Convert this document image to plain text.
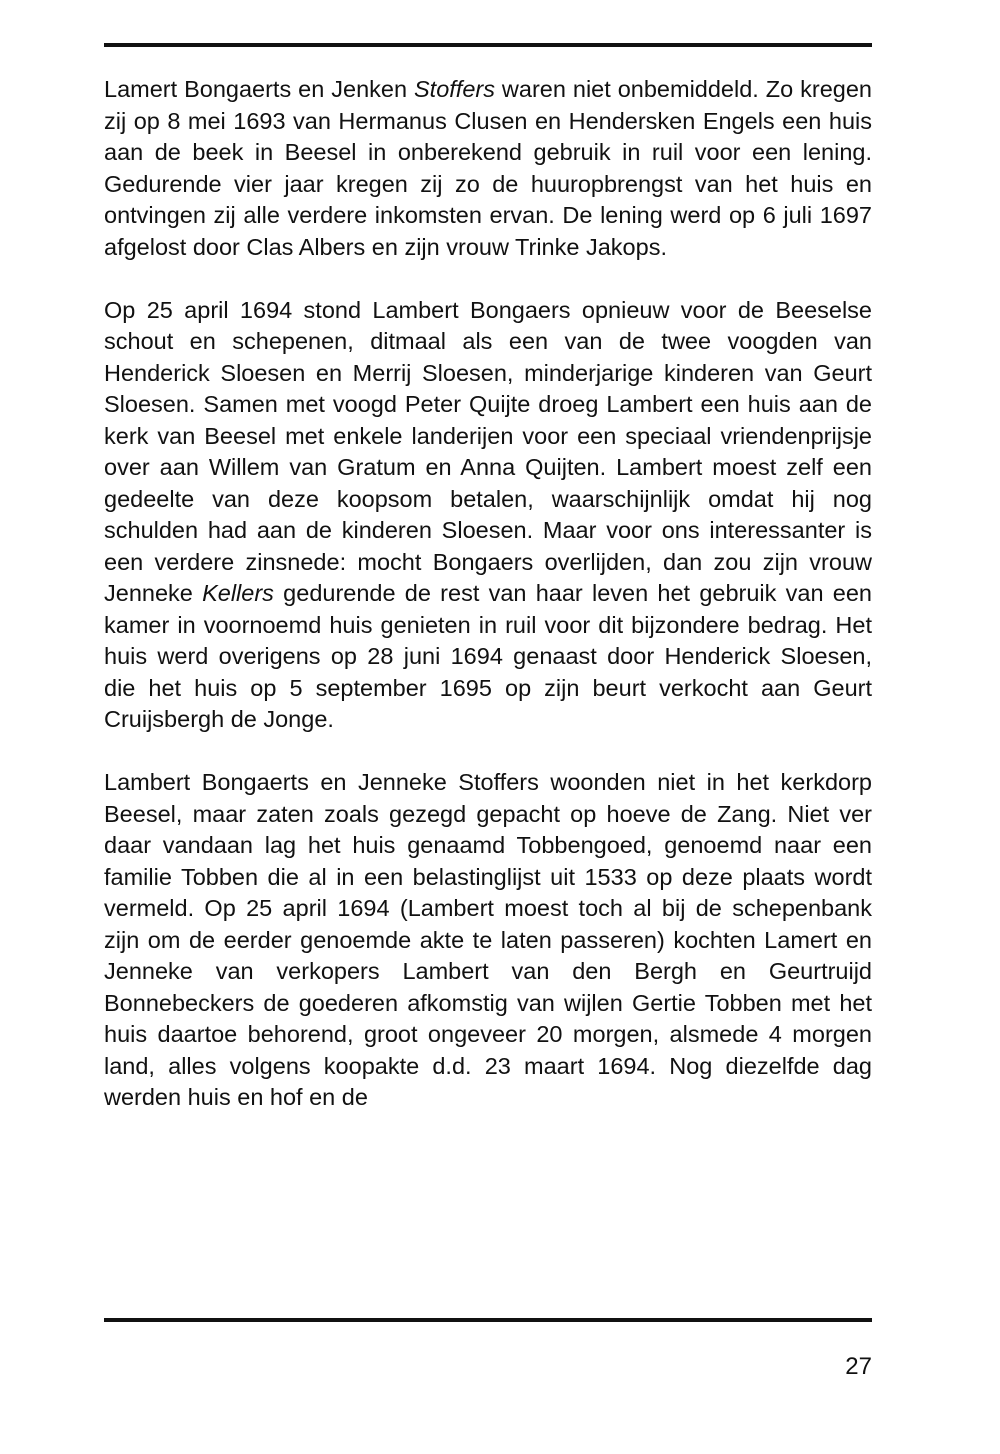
Lamert Bongaerts en Jenken Stoffers waren niet onbemiddeld. Zo kregen zij op 8 mei 1693 van Hermanus Clusen en Hendersken Engels een huis aan de beek in Beesel in onberekend gebruik in ruil voor een lening. Gedurende vier jaar kregen zij zo de huuropbrengst van het huis en ontvingen zij alle verdere inkomsten ervan. De lening werd op 6 juli 1697 afgelost door Clas Albers en zijn vrouw Trinke Jakops.

Op 25 april 1694 stond Lambert Bongaers opnieuw voor de Beeselse schout en schepenen, ditmaal als een van de twee voogden van Henderick Sloesen en Merrij Sloesen, minderjarige kinderen van Geurt Sloesen. Samen met voogd Peter Quijte droeg Lambert een huis aan de kerk van Beesel met enkele landerijen voor een speciaal vriendenprijsje over aan Willem van Gratum en Anna Quijten. Lambert moest zelf een gedeelte van deze koopsom betalen, waarschijnlijk omdat hij nog schulden had aan de kinderen Sloesen. Maar voor ons interessanter is een verdere zinsnede: mocht Bongaers overlijden, dan zou zijn vrouw Jenneke Kellers gedurende de rest van haar leven het gebruik van een kamer in voornoemd huis genieten in ruil voor dit bijzondere bedrag. Het huis werd overigens op 28 juni 1694 genaast door Henderick Sloesen, die het huis op 5 september 1695 op zijn beurt verkocht aan Geurt Cruijsbergh de Jonge.

Lambert Bongaerts en Jenneke Stoffers woonden niet in het kerkdorp Beesel, maar zaten zoals gezegd gepacht op hoeve de Zang. Niet ver daar vandaan lag het huis genaamd Tobbengoed, genoemd naar een familie Tobben die al in een belastinglijst uit 1533 op deze plaats wordt vermeld. Op 25 april 1694 (Lambert moest toch al bij de schepenbank zijn om de eerder genoemde akte te laten passeren) kochten Lamert en Jenneke van verkopers Lambert van den Bergh en Geurtruijd Bonnebeckers de goederen afkomstig van wijlen Gertie Tobben met het huis daartoe behorend, groot ongeveer 20 morgen, alsmede 4 morgen land, alles volgens koopakte d.d. 23 maart 1694. Nog diezelfde dag werden huis en hof en de

27
